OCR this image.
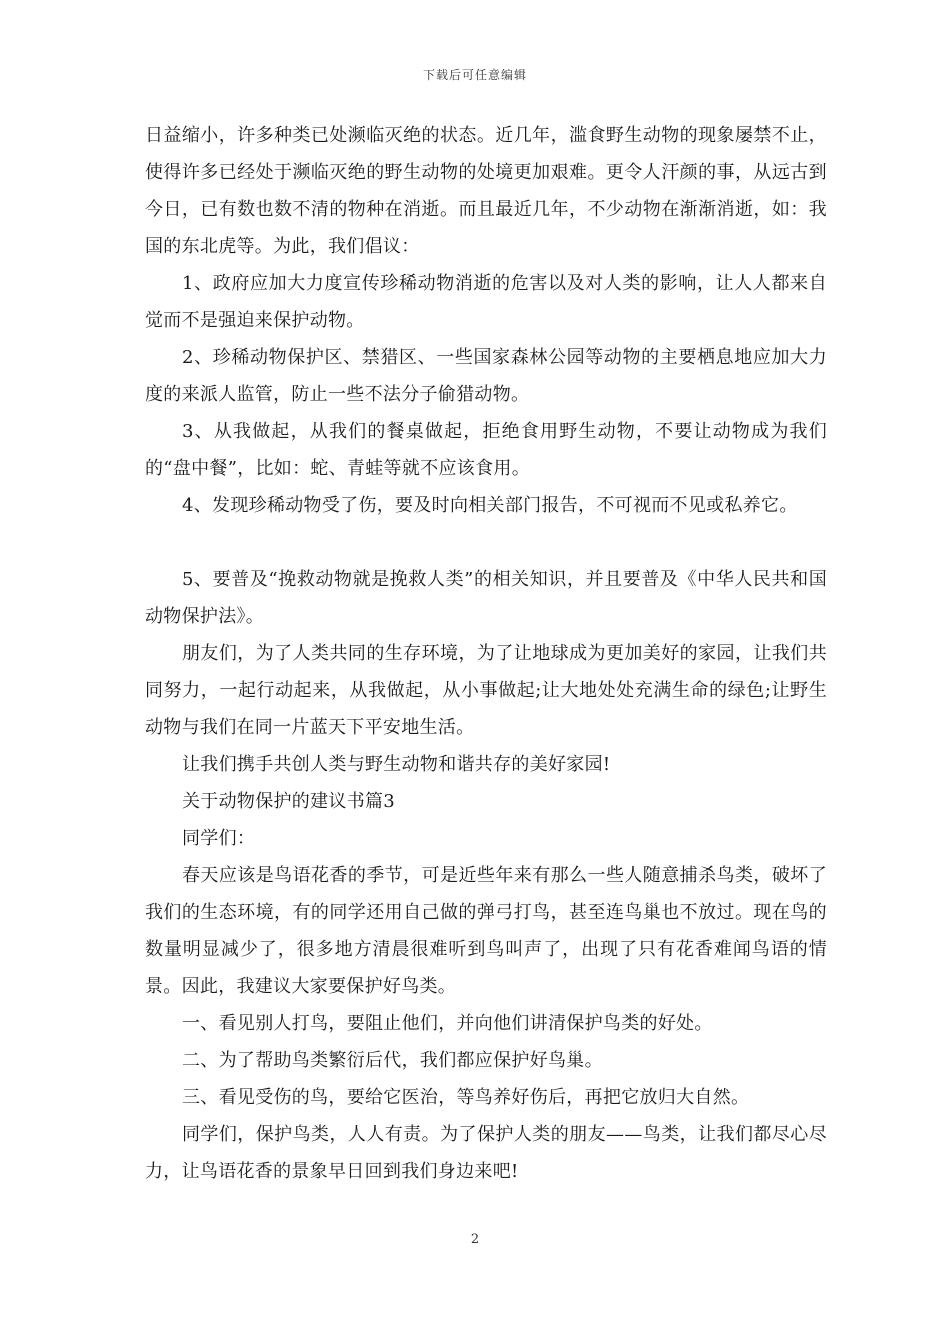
下载后可任意编辑

日益缩小，许多种类已处濒临灭绝的状态。近几年，滥食野生动物的现象屡禁不止，使得许多已经处于濒临灭绝的野生动物的处境更加艰难。更令人汗颜的事，从远古到今日，已有数也数不清的物种在消逝。而且最近几年，不少动物在渐渐消逝，如：我国的东北虎等。为此，我们倡议：

1、政府应加大力度宣传珍稀动物消逝的危害以及对人类的影响，让人人都来自觉而不是强迫来保护动物。

2、珍稀动物保护区、禁猎区、一些国家森林公园等动物的主要栖息地应加大力度的来派人监管，防止一些不法分子偷猎动物。

3、从我做起，从我们的餐桌做起，拒绝食用野生动物，不要让动物成为我们的“盘中餐”，比如：蛇、青蛙等就不应该食用。

4、发现珍稀动物受了伤，要及时向相关部门报告，不可视而不见或私养它。

5、要普及“挽救动物就是挽救人类”的相关知识，并且要普及《中华人民共和国动物保护法》。

朋友们，为了人类共同的生存环境，为了让地球成为更加美好的家园，让我们共同努力，一起行动起来，从我做起，从小事做起;让大地处处充满生命的绿色;让野生动物与我们在同一片蓝天下平安地生活。

让我们携手共创人类与野生动物和谐共存的美好家园!

关于动物保护的建议书篇3

同学们：

春天应该是鸟语花香的季节，可是近些年来有那么一些人随意捕杀鸟类，破坏了我们的生态环境，有的同学还用自己做的弹弓打鸟，甚至连鸟巢也不放过。现在鸟的数量明显减少了，很多地方清晨很难听到鸟叫声了，出现了只有花香难闻鸟语的情景。因此，我建议大家要保护好鸟类。

一、看见别人打鸟，要阻止他们，并向他们讲清保护鸟类的好处。

二、为了帮助鸟类繁衍后代，我们都应保护好鸟巢。

三、看见受伤的鸟，要给它医治，等鸟养好伤后，再把它放归大自然。

同学们，保护鸟类，人人有责。为了保护人类的朋友——鸟类，让我们都尽心尽力，让鸟语花香的景象早日回到我们身边来吧!

2
